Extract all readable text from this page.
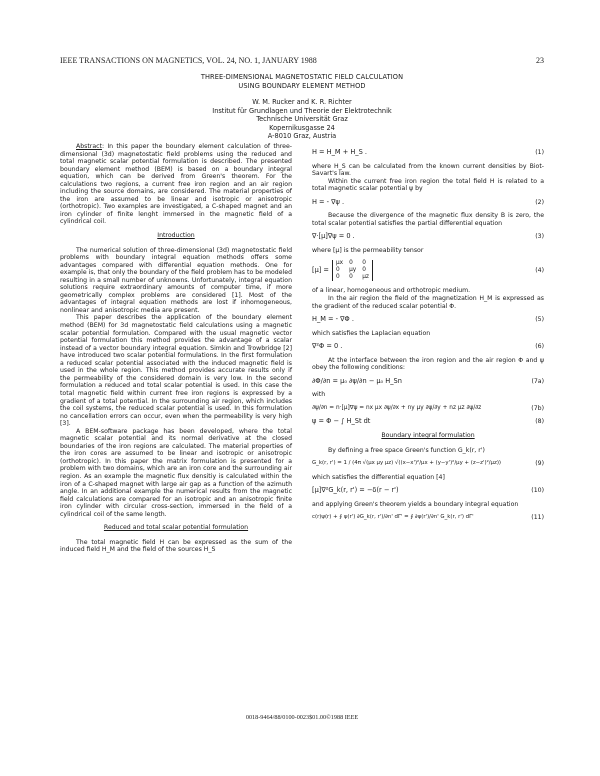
IEEE TRANSACTIONS ON MAGNETICS, VOL. 24, NO. 1, JANUARY 1988	23
THREE-DIMENSIONAL MAGNETOSTATIC FIELD CALCULATION
USING BOUNDARY ELEMENT METHOD
W. M. Rucker and K. R. Richter
Institut für Grundlagen und Theorie der Elektrotechnik
Technische Universität Graz
Kopernikusgasse 24
A-8010 Graz, Austria

Abstract: In this paper the boundary element calculation of three-dimensional (3d) magnetostatic field problems using the reduced and total magnetic scalar potential formulation is described. The presented boundary element method (BEM) is based on a boundary integral equation, which can be derived from Green's theorem. For the calculations two regions, a current free iron region and an air region including the source domains, are considered. The material properties of the iron are assumed to be linear and isotropic or anisotropic (orthotropic). Two examples are investigated, a C-shaped magnet and an iron cylinder of finite lenght immersed in the magnetic field of a cylindrical coil.

Introduction

The numerical solution of three-dimensional (3d) magnetostatic field problems with boundary integral equation methods offers some advantages compared with differential equation methods. One for example is, that only the boundary of the field problem has to be modeled resulting in a small number of unknowns. Unfortunately, integral equation solutions require extraordinary amounts of computer time, if more geometrically complex problems are considered [1]. Most of the advantages of integral equation methods are lost if inhomogeneous, nonlinear and anisotropic media are present.

This paper describes the application of the boundary element method (BEM) for 3d magnetostatic field calculations using a magnetic scalar potential formulation. Compared with the usual magnetic vector potential formulation this method provides the advantage of a scalar instead of a vector boundary integral equation. Simkin and Trowbridge [2] have introduced two scalar potential formulations. In the first formulation a reduced scalar potential associated with the induced magnetic field is used in the whole region. This method provides accurate results only if the permeability of the considered domain is very low. In the second formulation a reduced and total scalar potential is used. In this case the total magnetic field within current free iron regions is expressed by a gradient of a total potential. In the surrounding air region, which includes the coil systems, the reduced scalar potential is used. In this formulation no cancellation errors can occur, even when the permeability is very high [3].

A BEM-software package has been developed, where the total magnetic scalar potential and its normal derivative at the closed boundaries of the iron regions are calculated. The material properties of the iron cores are assumed to be linear and isotropic or anisotropic (orthotropic). In this paper the matrix formulation is presented for a problem with two domains, which are an iron core and the surrounding air region. As an example the magnetic flux densitiy is calculated within the iron of a C-shaped magnet with large air gap as a function of the azimuth angle. In an additional example the numerical results from the magnetic field calculations are compared for an isotropic and an anisotropic finite iron cylinder with circular cross-section, immersed in the field of a cylindrical coil of the same length.

Reduced and total scalar potential formulation

The total magnetic field H can be expressed as the sum of the induced field H_M and the field of the sources H_S

H = H_M + H_S .	(1)

where H_S can be calculated from the known current densities by Biot-Savart's law.

Within the current free iron region the total field H is related to a total magnetic scalar potential ψ by

H = - ∇ψ .	(2)

Because the divergence of the magnetic flux density B is zero, the total scalar potential satisfies the partial differential equation

∇·[μ]∇ψ = 0 .	(3)

where [μ] is the permeability tensor

[μ] =
μx	0	0
0	μy	0
0	0	μz
(4)

of a linear, homogeneous and orthotropic medium.

In the air region the field of the magnetization H_M is expressed as the gradient of the reduced scalar potential Φ.

H_M = - ∇Φ .	(5)

which satisfies the Laplacian equation

∇²Φ = 0 .	(6)

At the interface between the iron region and the air region Φ and ψ obey the following conditions:

∂Φ/∂n = μ₀ ∂ψ/∂n − μ₀ H_Sn	(7a)

with

∂ψ/∂n = n·[μ]∇ψ = nx μx ∂ψ/∂x + ny μy ∂ψ/∂y + nz μz ∂ψ/∂z	(7b)
ψ = Φ − ∫ H_St dt	(8)
Boundary integral formulation

By defining a free space Green's function G_k(r, r')

G_k(r, r') = 1 / (4π √(μx μy μz) √((x−x')²/μx + (y−y')²/μy + (z−z')²/μz))	(9)

which satisfies the differential equation [4]

[μ]∇²G_k(r, r') = −δ(r − r')	(10)

and applying Green's theorem yields a boundary integral equation

c(r)ψ(r) + ∮ ψ(r') ∂G_k(r, r')/∂n' dΓ' = ∮ ∂ψ(r')/∂n' G_k(r, r') dΓ'	(11)
0018-9464/88/0100-0023$01.00©1988 IEEE
